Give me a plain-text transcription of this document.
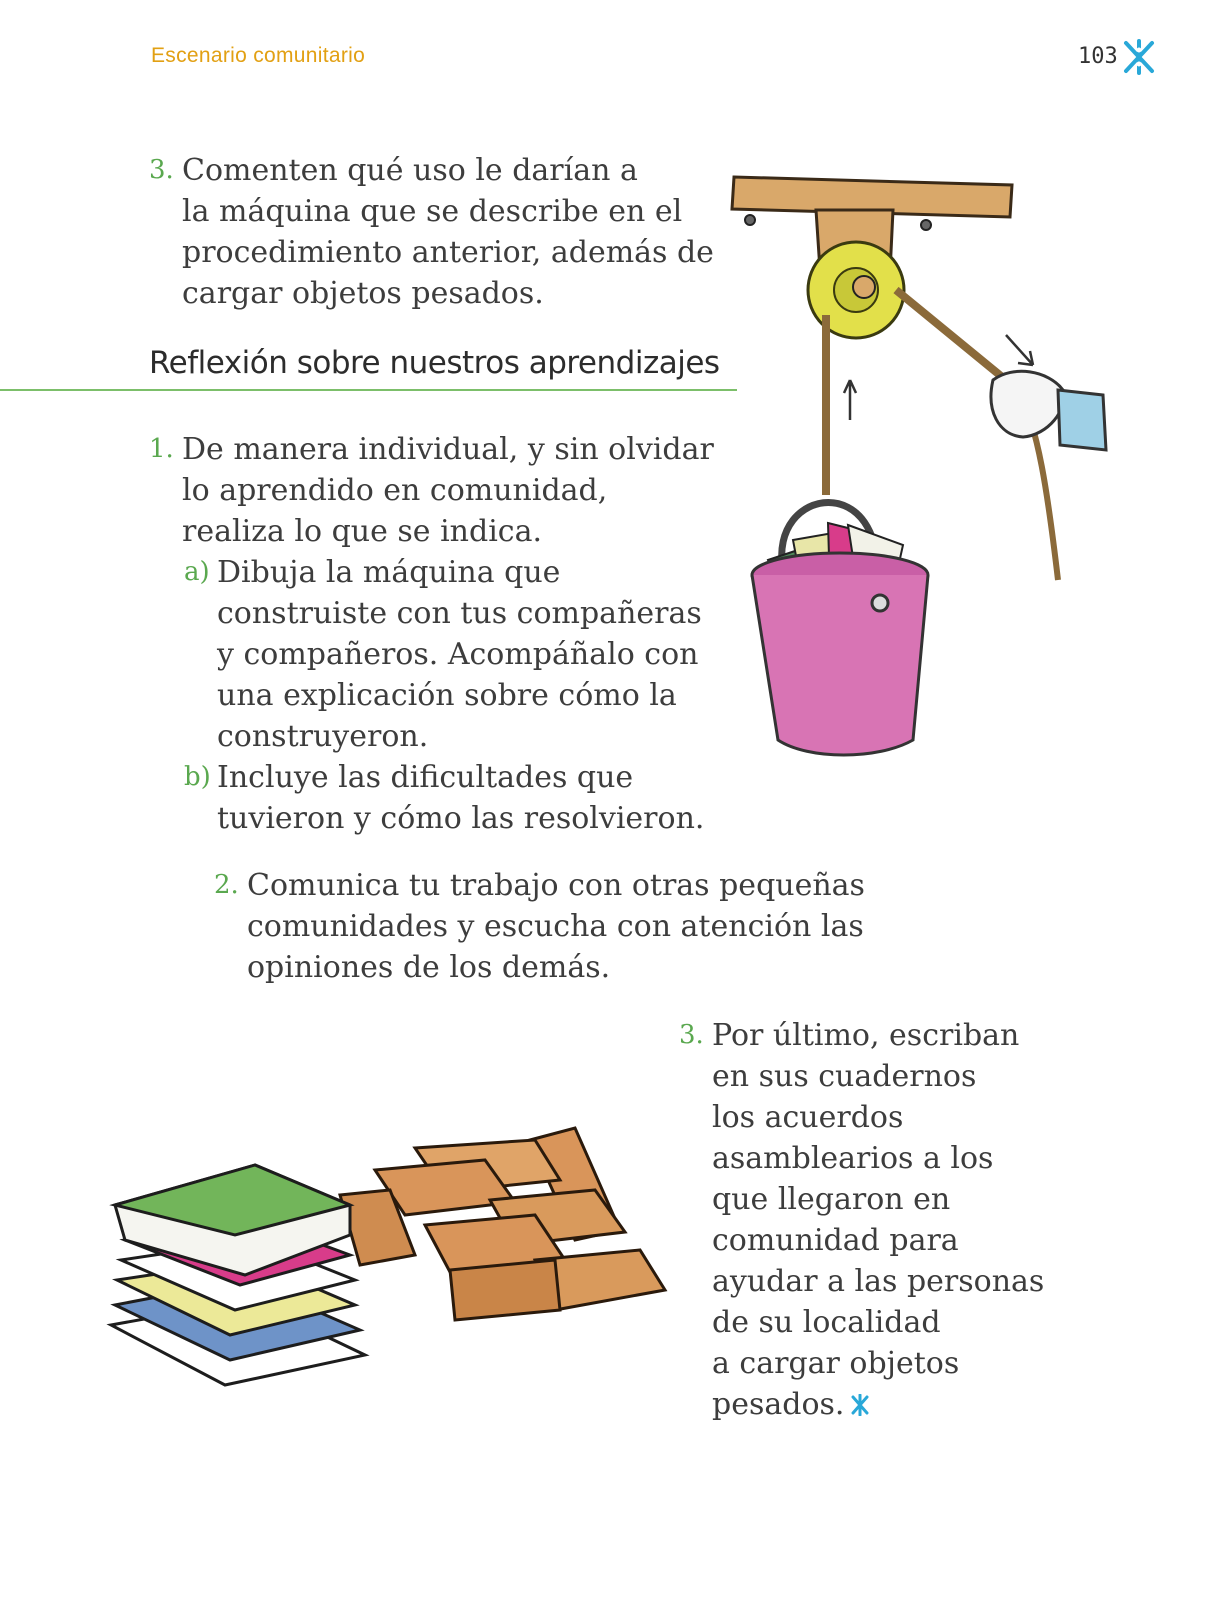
Escenario comunitario	103
3. Comenten qué uso le darían a
la máquina que se describe en el
procedimiento anterior, además de
cargar objetos pesados.
Reflexión sobre nuestros aprendizajes
1. De manera individual, y sin olvidar
lo aprendido en comunidad,
realiza lo que se indica.
a) Dibuja la máquina que
construiste con tus compañeras
y compañeros. Acompáñalo con
una explicación sobre cómo la
construyeron.
b) Incluye las dificultades que
tuvieron y cómo las resolvieron.
2. Comunica tu trabajo con otras pequeñas
comunidades y escucha con atención las
opiniones de los demás.
3. Por último, escriban
en sus cuadernos
los acuerdos
asamblearios a los
que llegaron en
comunidad para
ayudar a las personas
de su localidad
a cargar objetos
pesados.
